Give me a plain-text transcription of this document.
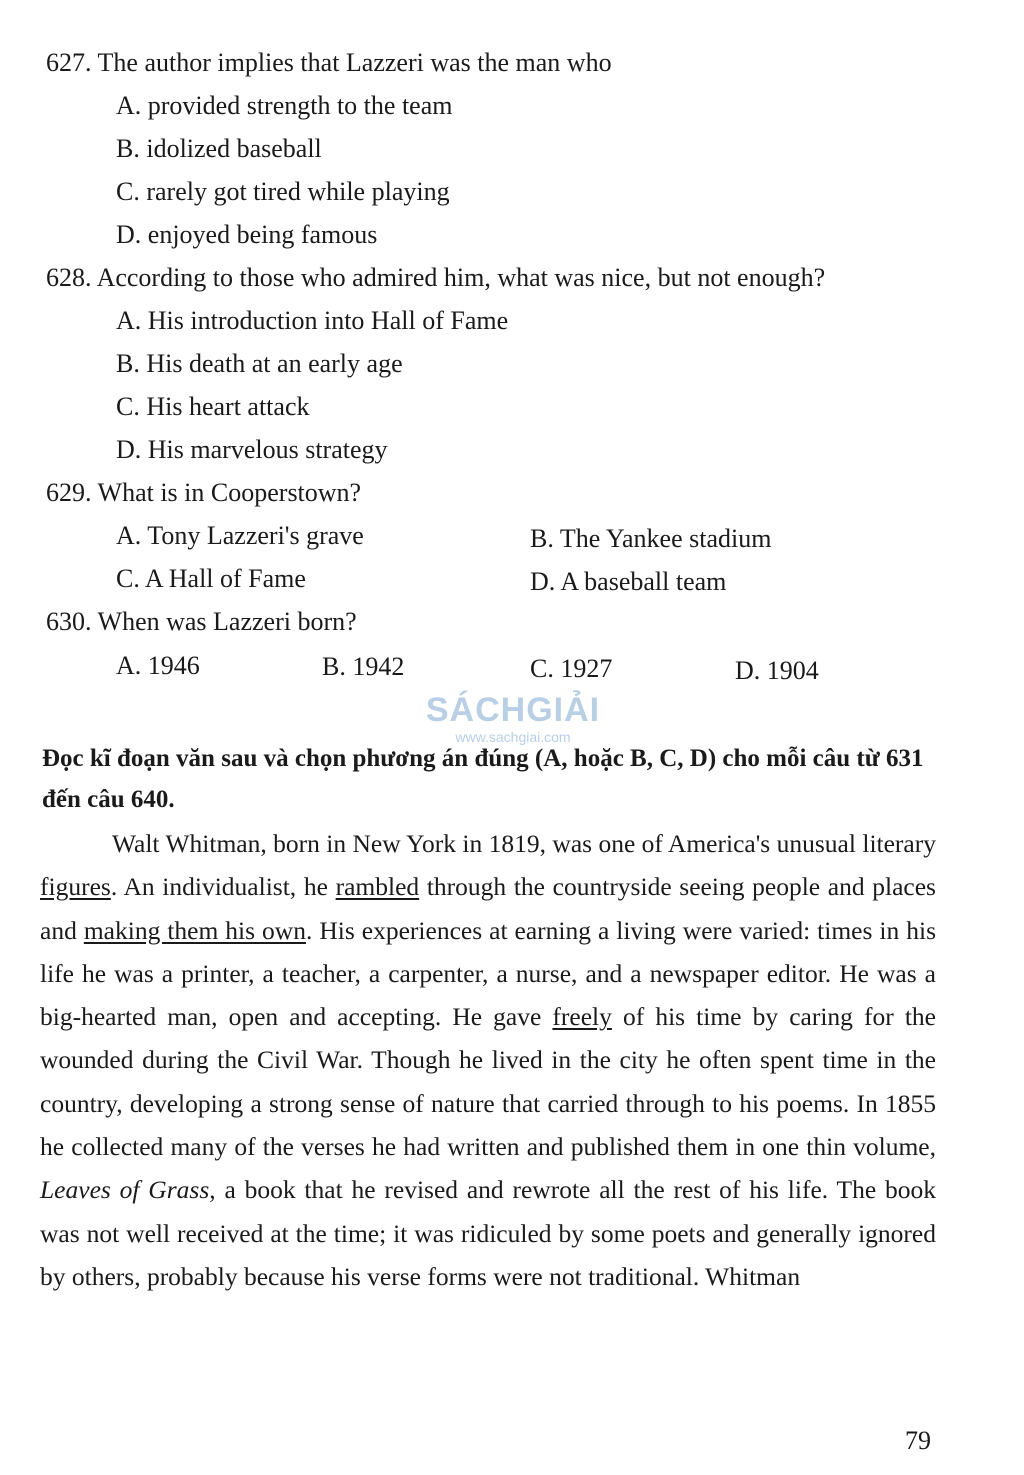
627. The author implies that Lazzeri was the man who
A. provided strength to the team
B. idolized baseball
C. rarely got tired while playing
D. enjoyed being famous
628. According to those who admired him, what was nice, but not enough?
A. His introduction into Hall of Fame
B. His death at an early age
C. His heart attack
D. His marvelous strategy
629. What is in Cooperstown?
A. Tony Lazzeri's grave	B. The Yankee stadium
C. A Hall of Fame	D. A baseball team
630. When was Lazzeri born?
A. 1946	B. 1942	C. 1927	D. 1904
SÁCHGIẢI
www.sachgiai.com
Đọc kĩ đoạn văn sau và chọn phương án đúng (A, hoặc B, C, D) cho mỗi câu từ 631 đến câu 640.
Walt Whitman, born in New York in 1819, was one of America's unusual literary figures. An individualist, he rambled through the countryside seeing people and places and making them his own. His experiences at earning a living were varied: times in his life he was a printer, a teacher, a carpenter, a nurse, and a newspaper editor. He was a big-hearted man, open and accepting. He gave freely of his time by caring for the wounded during the Civil War. Though he lived in the city he often spent time in the country, developing a strong sense of nature that carried through to his poems. In 1855 he collected many of the verses he had written and published them in one thin volume, Leaves of Grass, a book that he revised and rewrote all the rest of his life. The book was not well received at the time; it was ridiculed by some poets and generally ignored by others, probably because his verse forms were not traditional. Whitman
79
